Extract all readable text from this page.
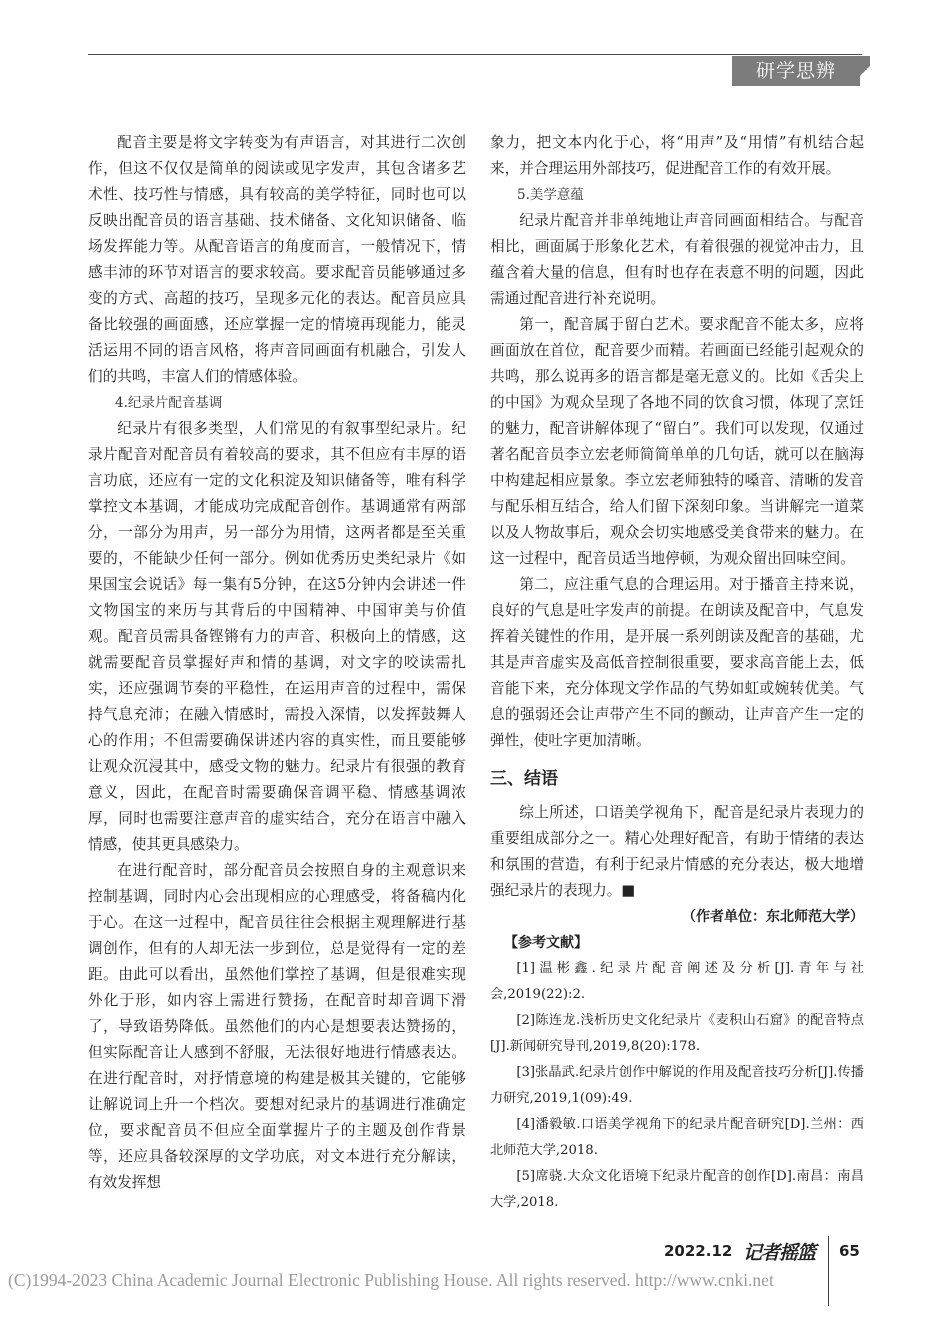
研学思辨

配音主要是将文字转变为有声语言，对其进行二次创作，但这不仅仅是简单的阅读或见字发声，其包含诸多艺术性、技巧性与情感，具有较高的美学特征，同时也可以反映出配音员的语言基础、技术储备、文化知识储备、临场发挥能力等。从配音语言的角度而言，一般情况下，情感丰沛的环节对语言的要求较高。要求配音员能够通过多变的方式、高超的技巧，呈现多元化的表达。配音员应具备比较强的画面感，还应掌握一定的情境再现能力，能灵活运用不同的语言风格，将声音同画面有机融合，引发人们的共鸣，丰富人们的情感体验。

4.纪录片配音基调

纪录片有很多类型，人们常见的有叙事型纪录片。纪录片配音对配音员有着较高的要求，其不但应有丰厚的语言功底，还应有一定的文化积淀及知识储备等，唯有科学掌控文本基调，才能成功完成配音创作。基调通常有两部分，一部分为用声，另一部分为用情，这两者都是至关重要的，不能缺少任何一部分。例如优秀历史类纪录片《如果国宝会说话》每一集有5分钟，在这5分钟内会讲述一件文物国宝的来历与其背后的中国精神、中国审美与价值观。配音员需具备铿锵有力的声音、积极向上的情感，这就需要配音员掌握好声和情的基调，对文字的咬读需扎实，还应强调节奏的平稳性，在运用声音的过程中，需保持气息充沛；在融入情感时，需投入深情，以发挥鼓舞人心的作用；不但需要确保讲述内容的真实性，而且要能够让观众沉浸其中，感受文物的魅力。纪录片有很强的教育意义，因此，在配音时需要确保音调平稳、情感基调浓厚，同时也需要注意声音的虚实结合，充分在语言中融入情感，使其更具感染力。

在进行配音时，部分配音员会按照自身的主观意识来控制基调，同时内心会出现相应的心理感受，将备稿内化于心。在这一过程中，配音员往往会根据主观理解进行基调创作，但有的人却无法一步到位，总是觉得有一定的差距。由此可以看出，虽然他们掌控了基调，但是很难实现外化于形，如内容上需进行赞扬，在配音时却音调下滑了，导致语势降低。虽然他们的内心是想要表达赞扬的，但实际配音让人感到不舒服，无法很好地进行情感表达。在进行配音时，对抒情意境的构建是极其关键的，它能够让解说词上升一个档次。要想对纪录片的基调进行准确定位，要求配音员不但应全面掌握片子的主题及创作背景等，还应具备较深厚的文学功底，对文本进行充分解读，有效发挥想

象力，把文本内化于心，将“用声”及“用情”有机结合起来，并合理运用外部技巧，促进配音工作的有效开展。

5.美学意蕴

纪录片配音并非单纯地让声音同画面相结合。与配音相比，画面属于形象化艺术，有着很强的视觉冲击力，且蕴含着大量的信息，但有时也存在表意不明的问题，因此需通过配音进行补充说明。

第一，配音属于留白艺术。要求配音不能太多，应将画面放在首位，配音要少而精。若画面已经能引起观众的共鸣，那么说再多的语言都是毫无意义的。比如《舌尖上的中国》为观众呈现了各地不同的饮食习惯，体现了烹饪的魅力，配音讲解体现了“留白”。我们可以发现，仅通过著名配音员李立宏老师简简单单的几句话，就可以在脑海中构建起相应景象。李立宏老师独特的嗓音、清晰的发音与配乐相互结合，给人们留下深刻印象。当讲解完一道菜以及人物故事后，观众会切实地感受美食带来的魅力。在这一过程中，配音员适当地停顿，为观众留出回味空间。

第二，应注重气息的合理运用。对于播音主持来说，良好的气息是吐字发声的前提。在朗读及配音中，气息发挥着关键性的作用，是开展一系列朗读及配音的基础，尤其是声音虚实及高低音控制很重要，要求高音能上去，低音能下来，充分体现文学作品的气势如虹或婉转优美。气息的强弱还会让声带产生不同的颤动，让声音产生一定的弹性，使吐字更加清晰。

三、结语

综上所述，口语美学视角下，配音是纪录片表现力的重要组成部分之一。精心处理好配音，有助于情绪的表达和氛围的营造，有利于纪录片情感的充分表达，极大地增强纪录片的表现力。■

（作者单位：东北师范大学）

【参考文献】

[1]温彬鑫.纪录片配音阐述及分析[J].青年与社会,2019(22):2.

[2]陈连龙.浅析历史文化纪录片《麦积山石窟》的配音特点[J].新闻研究导刊,2019,8(20):178.

[3]张晶武.纪录片创作中解说的作用及配音技巧分析[J].传播力研究,2019,1(09):49.

[4]潘毅敏.口语美学视角下的纪录片配音研究[D].兰州：西北师范大学,2018.

[5]席骁.大众文化语境下纪录片配音的创作[D].南昌：南昌大学,2018.

2022.12 记者摇篮 65
(C)1994-2023 China Academic Journal Electronic Publishing House. All rights reserved. http://www.cnki.net
